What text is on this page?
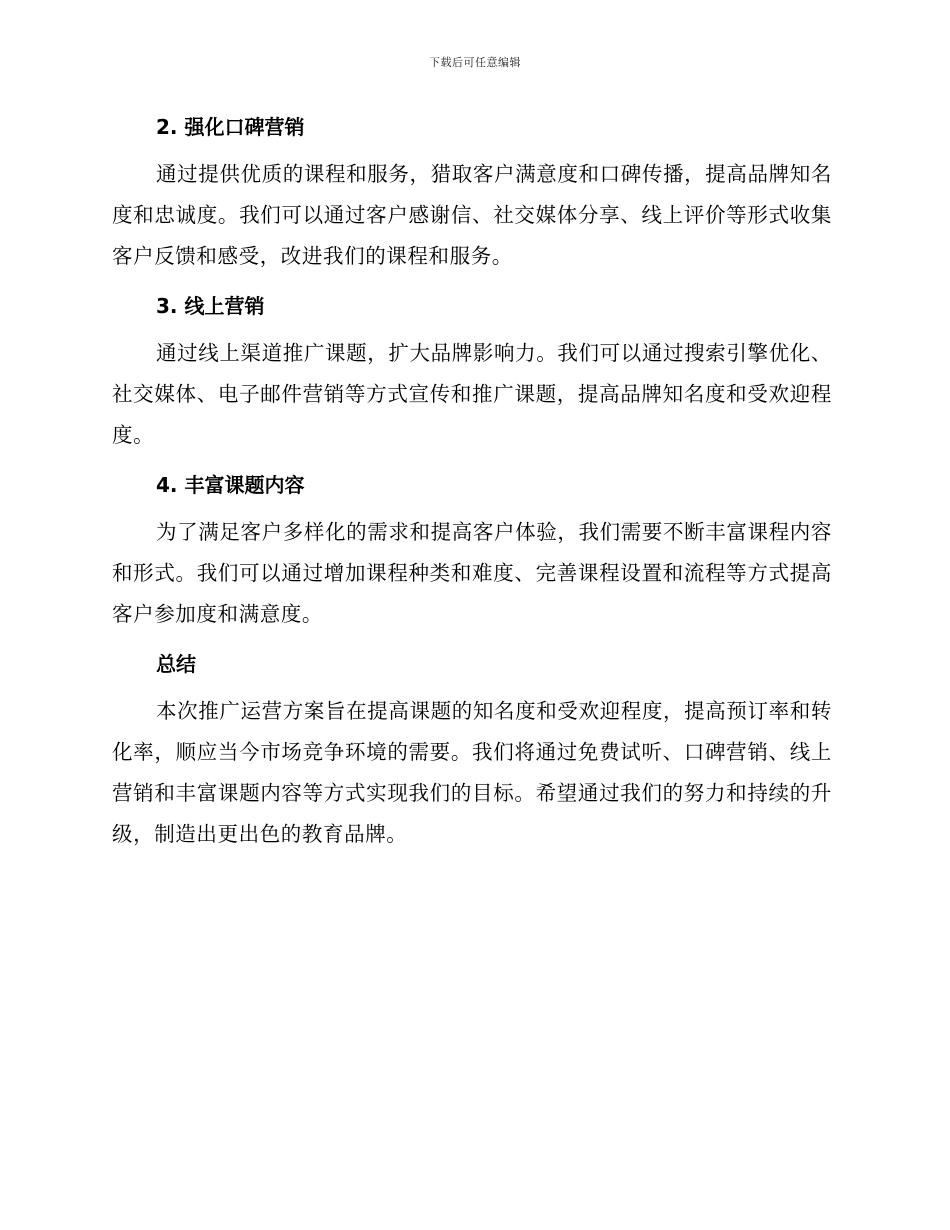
下载后可任意编辑
2. 强化口碑营销

通过提供优质的课程和服务，猎取客户满意度和口碑传播，提高品牌知名度和忠诚度。我们可以通过客户感谢信、社交媒体分享、线上评价等形式收集客户反馈和感受，改进我们的课程和服务。

3. 线上营销

通过线上渠道推广课题，扩大品牌影响力。我们可以通过搜索引擎优化、社交媒体、电子邮件营销等方式宣传和推广课题，提高品牌知名度和受欢迎程度。

4. 丰富课题内容

为了满足客户多样化的需求和提高客户体验，我们需要不断丰富课程内容和形式。我们可以通过增加课程种类和难度、完善课程设置和流程等方式提高客户参加度和满意度。

总结

本次推广运营方案旨在提高课题的知名度和受欢迎程度，提高预订率和转化率，顺应当今市场竞争环境的需要。我们将通过免费试听、口碑营销、线上营销和丰富课题内容等方式实现我们的目标。希望通过我们的努力和持续的升级，制造出更出色的教育品牌。
